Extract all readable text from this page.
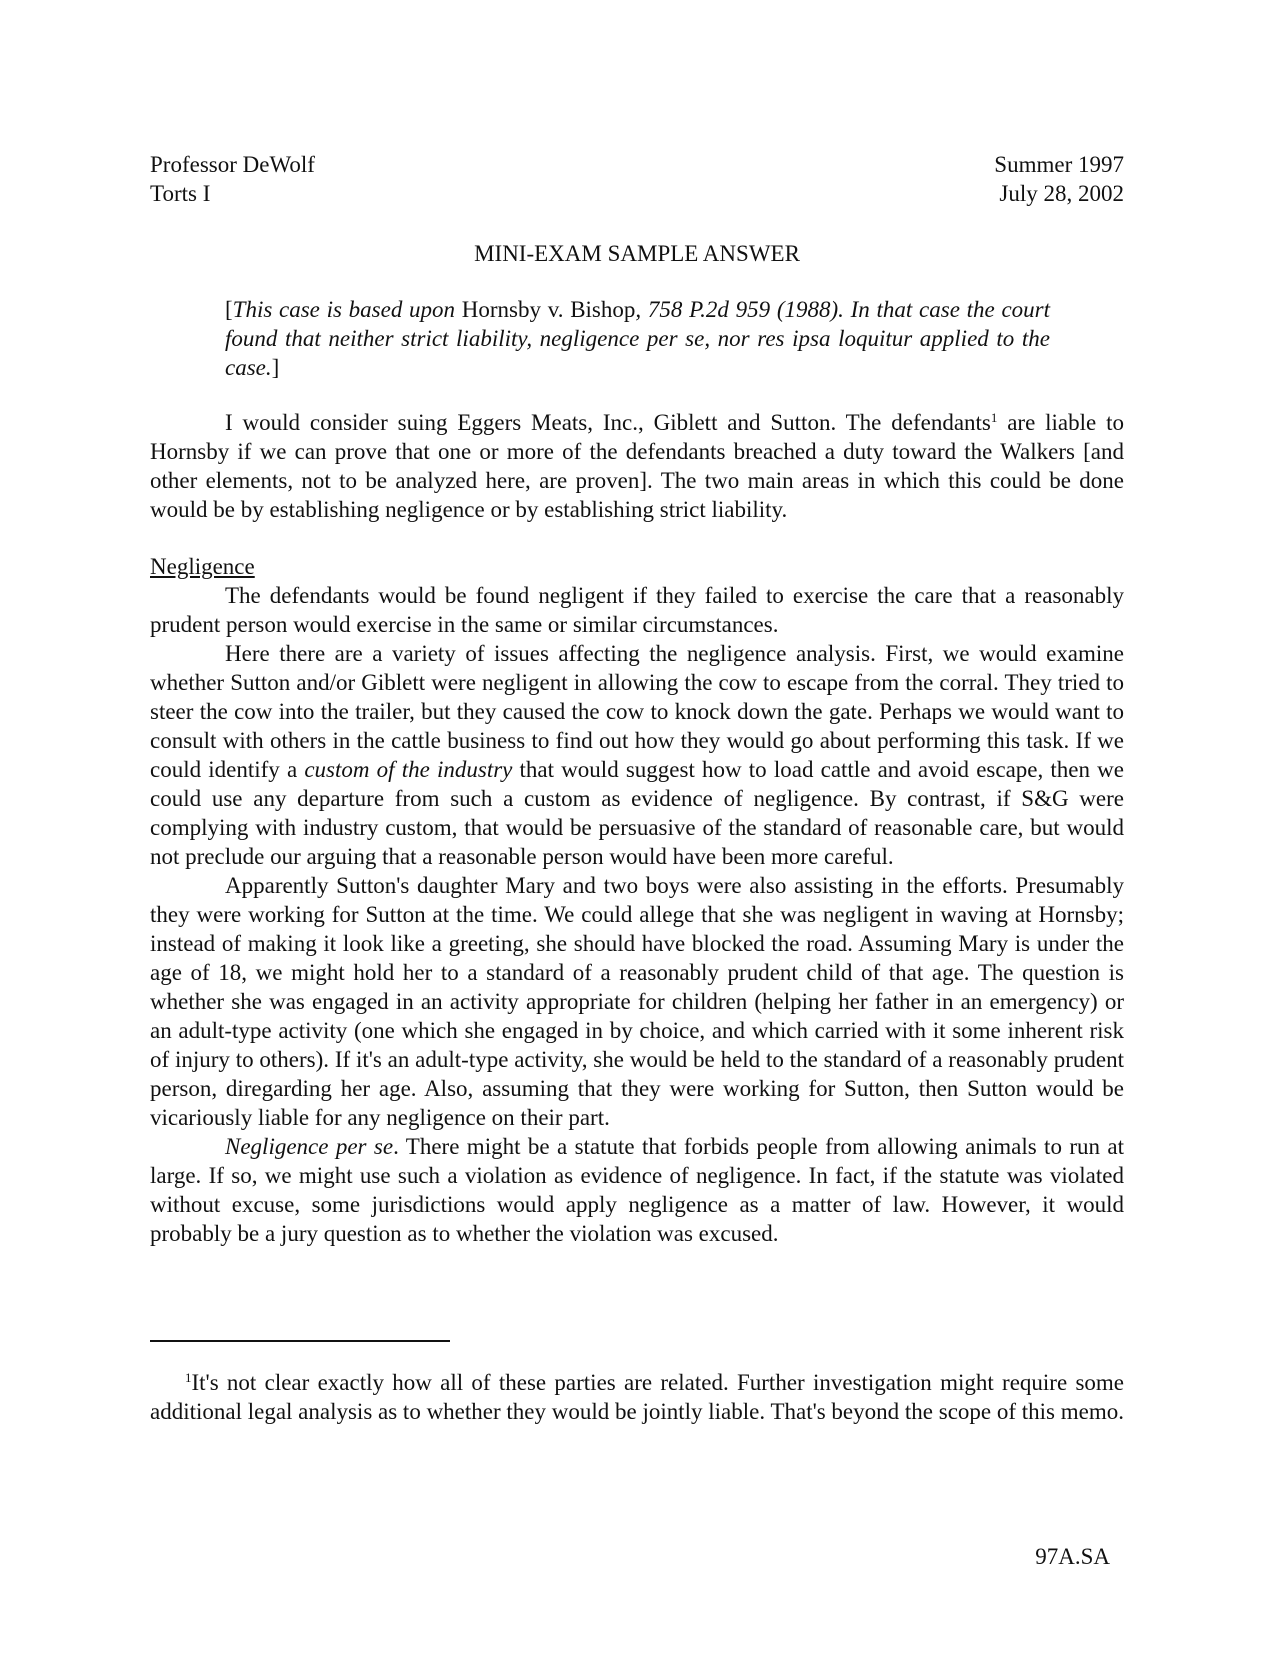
Professor DeWolf	Summer 1997
Torts I	July 28, 2002
MINI-EXAM SAMPLE ANSWER
[This case is based upon Hornsby v. Bishop, 758 P.2d 959 (1988). In that case the court found that neither strict liability, negligence per se, nor res ipsa loquitur applied to the case.]

I would consider suing Eggers Meats, Inc., Giblett and Sutton. The defendants$^1$ are liable to Hornsby if we can prove that one or more of the defendants breached a duty toward the Walkers [and other elements, not to be analyzed here, are proven]. The two main areas in which this could be done would be by establishing negligence or by establishing strict liability.

Negligence

The defendants would be found negligent if they failed to exercise the care that a reasonably prudent person would exercise in the same or similar circumstances.

Here there are a variety of issues affecting the negligence analysis. First, we would examine whether Sutton and/or Giblett were negligent in allowing the cow to escape from the corral. They tried to steer the cow into the trailer, but they caused the cow to knock down the gate. Perhaps we would want to consult with others in the cattle business to find out how they would go about performing this task. If we could identify a custom of the industry that would suggest how to load cattle and avoid escape, then we could use any departure from such a custom as evidence of negligence. By contrast, if S&G were complying with industry custom, that would be persuasive of the standard of reasonable care, but would not preclude our arguing that a reasonable person would have been more careful.

Apparently Sutton's daughter Mary and two boys were also assisting in the efforts. Presumably they were working for Sutton at the time. We could allege that she was negligent in waving at Hornsby; instead of making it look like a greeting, she should have blocked the road. Assuming Mary is under the age of 18, we might hold her to a standard of a reasonably prudent child of that age. The question is whether she was engaged in an activity appropriate for children (helping her father in an emergency) or an adult-type activity (one which she engaged in by choice, and which carried with it some inherent risk of injury to others). If it's an adult-type activity, she would be held to the standard of a reasonably prudent person, diregarding her age. Also, assuming that they were working for Sutton, then Sutton would be vicariously liable for any negligence on their part.

Negligence per se. There might be a statute that forbids people from allowing animals to run at large. If so, we might use such a violation as evidence of negligence. In fact, if the statute was violated without excuse, some jurisdictions would apply negligence as a matter of law. However, it would probably be a jury question as to whether the violation was excused.

$^1$It's not clear exactly how all of these parties are related. Further investigation might require some additional legal analysis as to whether they would be jointly liable. That's beyond the scope of this memo.

97A.SA
